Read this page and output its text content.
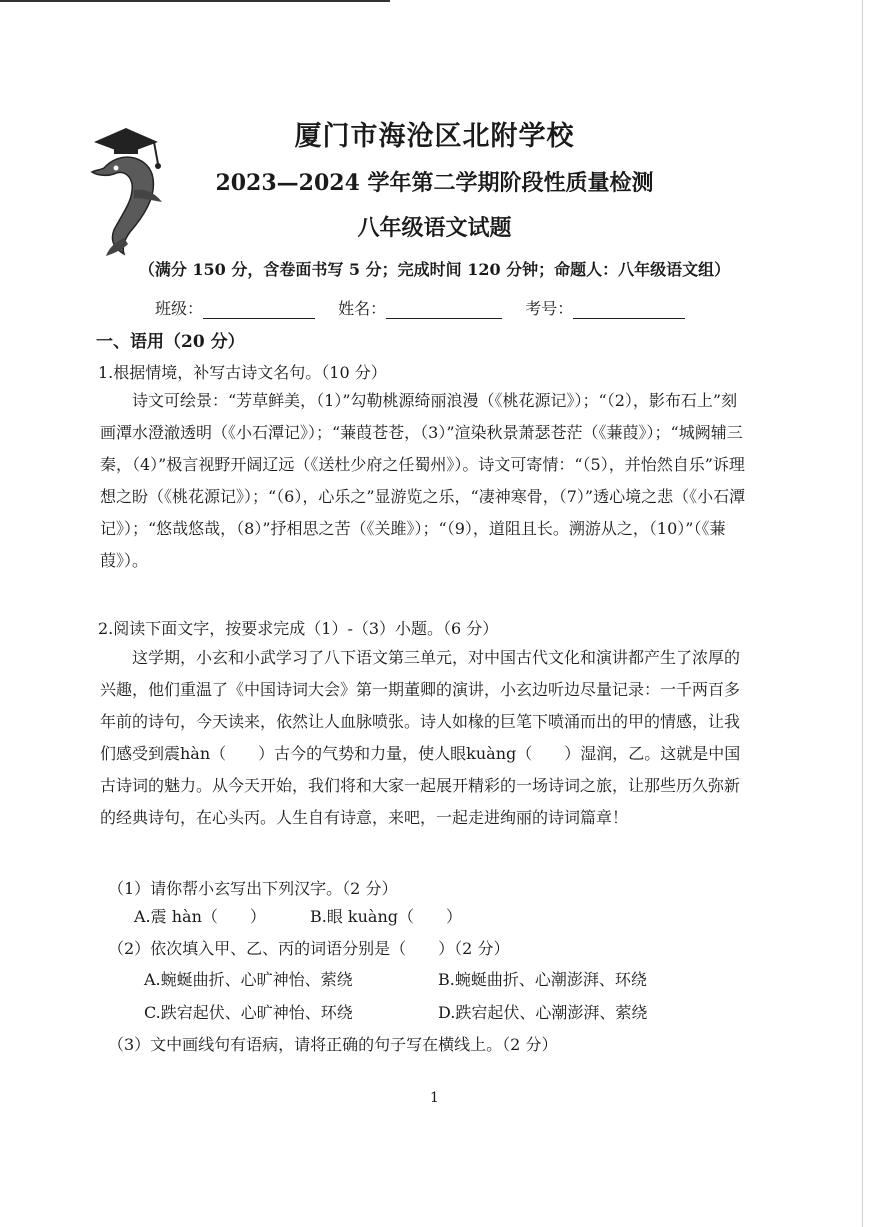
厦门市海沧区北附学校
2023—2024 学年第二学期阶段性质量检测
八年级语文试题
（满分 150 分，含卷面书写 5 分；完成时间 120 分钟；命题人：八年级语文组）
班级：	姓名：	考号：
一、语用（20 分）
1.根据情境，补写古诗文名句。（10 分）
诗文可绘景：“芳草鲜美，（1）”勾勒桃源绮丽浪漫（《桃花源记》）；“（2），影布石上”刻画潭水澄澈透明（《小石潭记》）；“蒹葭苍苍，（3）”渲染秋景萧瑟苍茫（《蒹葭》）；“城阙辅三秦，（4）”极言视野开阔辽远（《送杜少府之任蜀州》）。诗文可寄情：“（5），并怡然自乐”诉理想之盼（《桃花源记》）；“（6），心乐之”显游览之乐，“凄神寒骨，（7）”透心境之悲（《小石潭记》）；“悠哉悠哉，（8）”抒相思之苦（《关雎》）；“（9），道阻且长。溯游从之，（10）”（《蒹葭》）。
2.阅读下面文字，按要求完成（1）-（3）小题。（6 分）
这学期，小玄和小武学习了八下语文第三单元，对中国古代文化和演讲都产生了浓厚的兴趣，他们重温了《中国诗词大会》第一期董卿的演讲，小玄边听边尽量记录：一千两百多年前的诗句，今天读来，依然让人血脉喷张。诗人如椽的巨笔下喷涌而出的甲的情感，让我们感受到震hàn（　　）古今的气势和力量，使人眼kuàng（　　）湿润，乙。这就是中国古诗词的魅力。从今天开始，我们将和大家一起展开精彩的一场诗词之旅，让那些历久弥新的经典诗句，在心头丙。人生自有诗意，来吧，一起走进绚丽的诗词篇章！
（1）请你帮小玄写出下列汉字。（2 分）
A.震 hàn（　　）	B.眼 kuàng（　　）
（2）依次填入甲、乙、丙的词语分别是（　　）（2 分）
A.蜿蜒曲折、心旷神怡、萦绕	B.蜿蜒曲折、心潮澎湃、环绕
C.跌宕起伏、心旷神怡、环绕	D.跌宕起伏、心潮澎湃、萦绕
（3）文中画线句有语病，请将正确的句子写在横线上。（2 分）
1
